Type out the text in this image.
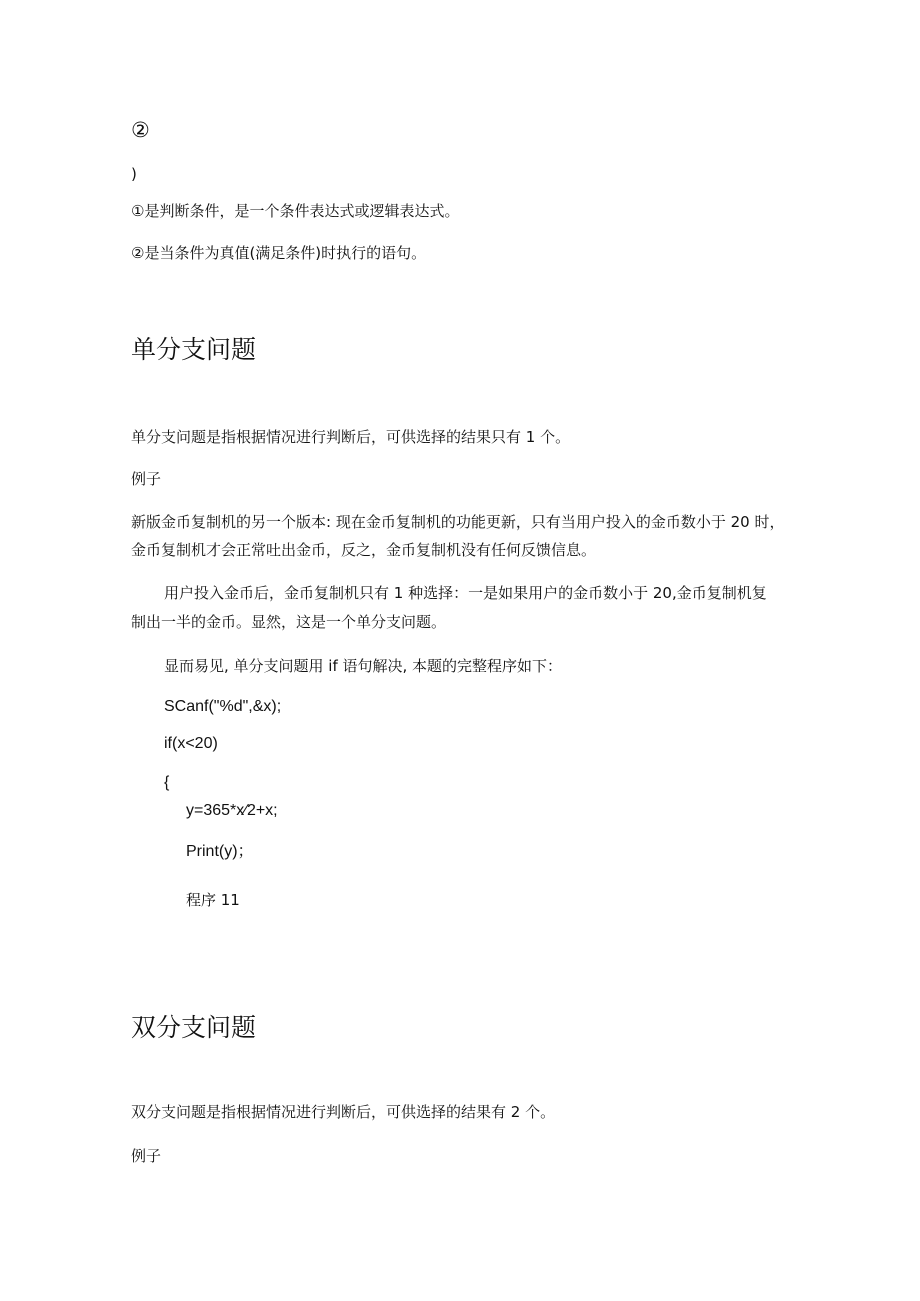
②

)

①是判断条件，是一个条件表达式或逻辑表达式。

②是当条件为真值(满足条件)时执行的语句。

单分支问题

单分支问题是指根据情况进行判断后，可供选择的结果只有 1 个。

例子

新版金币复制机的另一个版本: 现在金币复制机的功能更新，只有当用户投入的金币数小于 20 时，

金币复制机才会正常吐出金币，反之，金币复制机没有任何反馈信息。

用户投入金币后，金币复制机只有 1 种选择：一是如果用户的金币数小于 20,金币复制机复

制出一半的金币。显然，这是一个单分支问题。

显而易见, 单分支问题用 if 语句解决, 本题的完整程序如下：

SCanf("%d",&x);

if(x<20)

{

y=365*x⁄2+x;

Print(y)；

程序 11

双分支问题

双分支问题是指根据情况进行判断后，可供选择的结果有 2 个。

例子
